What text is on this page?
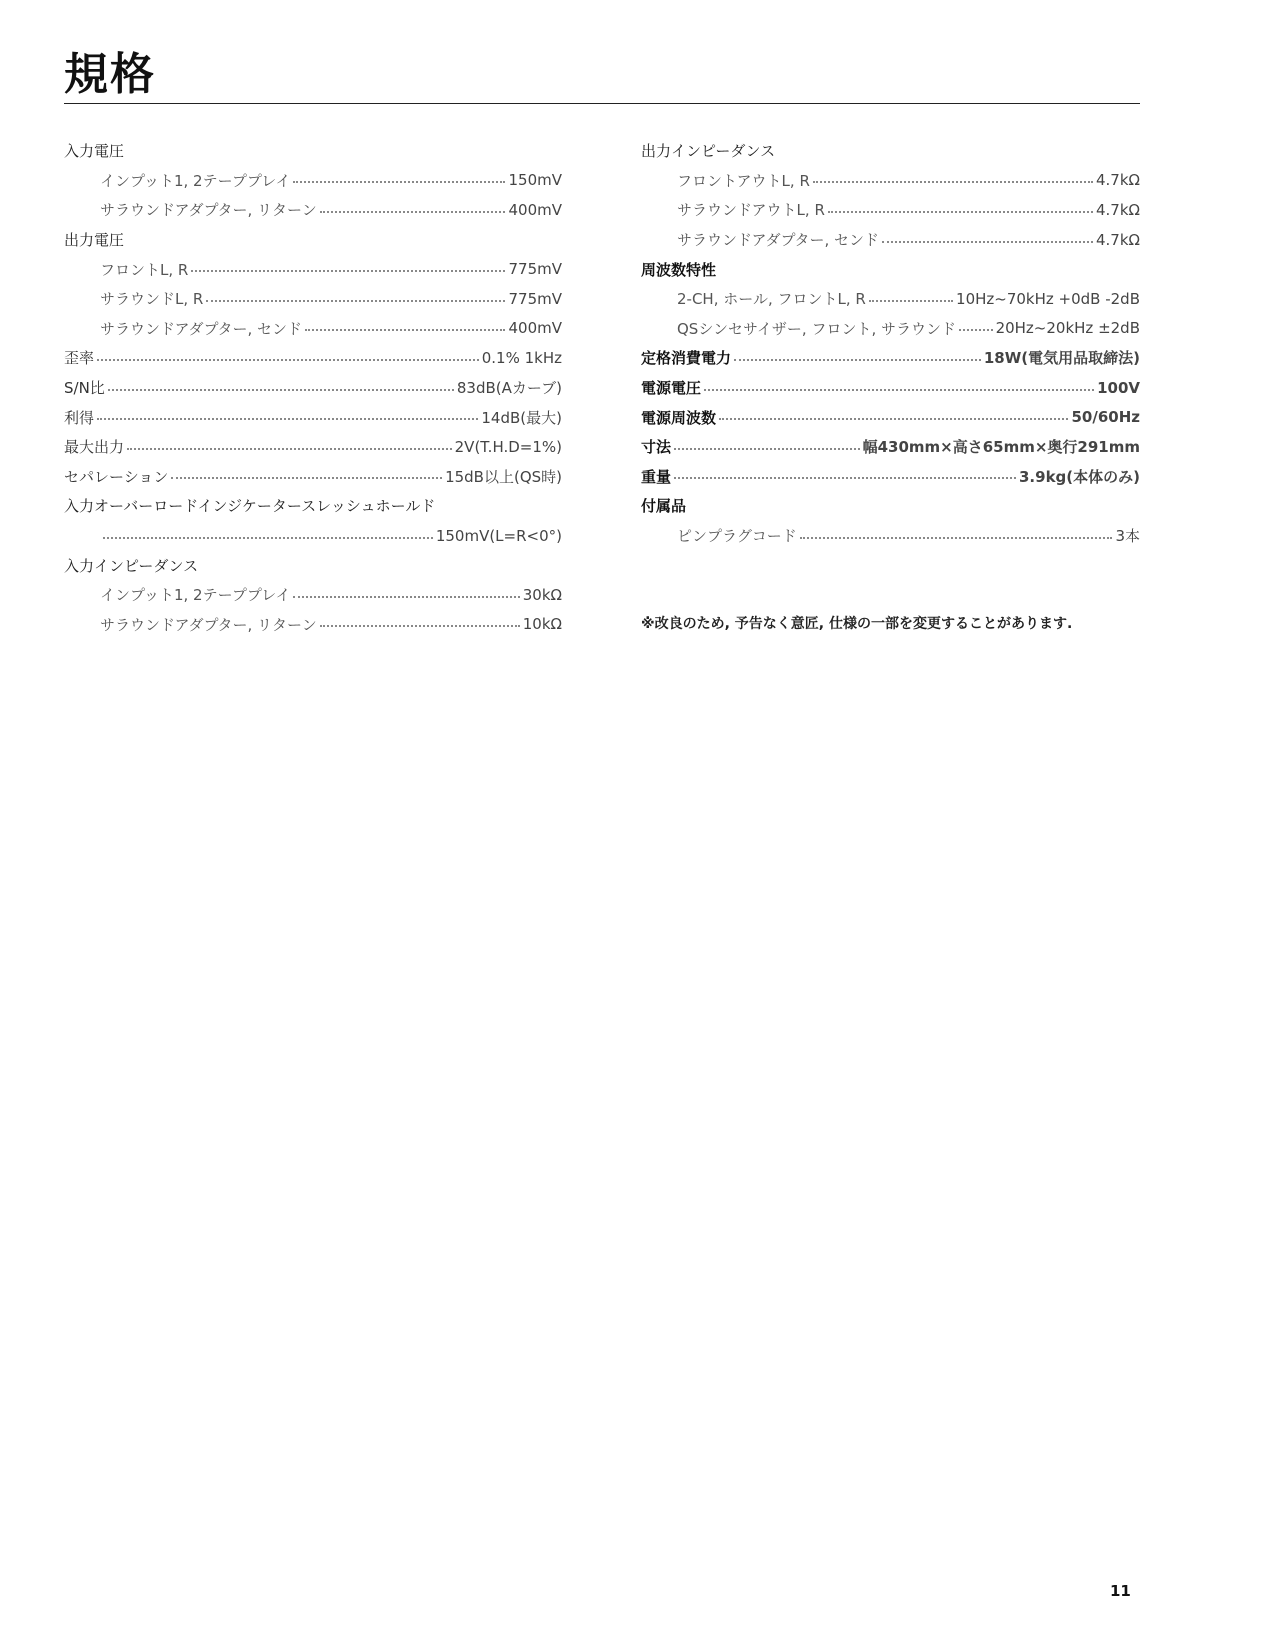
規格
入力電圧
インプット1, 2テーププレイ	150mV
サラウンドアダプター, リターン	400mV
出力電圧
フロントL, R	775mV
サラウンドL, R	775mV
サラウンドアダプター, センド	400mV
歪率	0.1% 1kHz
S/N比	83dB(Aカーブ)
利得	14dB(最大)
最大出力	2V(T.H.D=1%)
セパレーション	15dB以上(QS時)
入力オーバーロードインジケータースレッシュホールド
150mV(L=R<0°)
入力インピーダンス
インプット1, 2テーププレイ	30kΩ
サラウンドアダプター, リターン	10kΩ
出力インピーダンス
フロントアウトL, R	4.7kΩ
サラウンドアウトL, R	4.7kΩ
サラウンドアダプター, センド	4.7kΩ
周波数特性
2-CH, ホール, フロントL, R	10Hz~70kHz +0dB -2dB
QSシンセサイザー, フロント, サラウンド	20Hz~20kHz ±2dB
定格消費電力	18W(電気用品取締法)
電源電圧	100V
電源周波数	50/60Hz
寸法	幅430mm×高さ65mm×奥行291mm
重量	3.9kg(本体のみ)
付属品
ピンプラグコード	3本
※改良のため, 予告なく意匠, 仕様の一部を変更することがあります.
11
